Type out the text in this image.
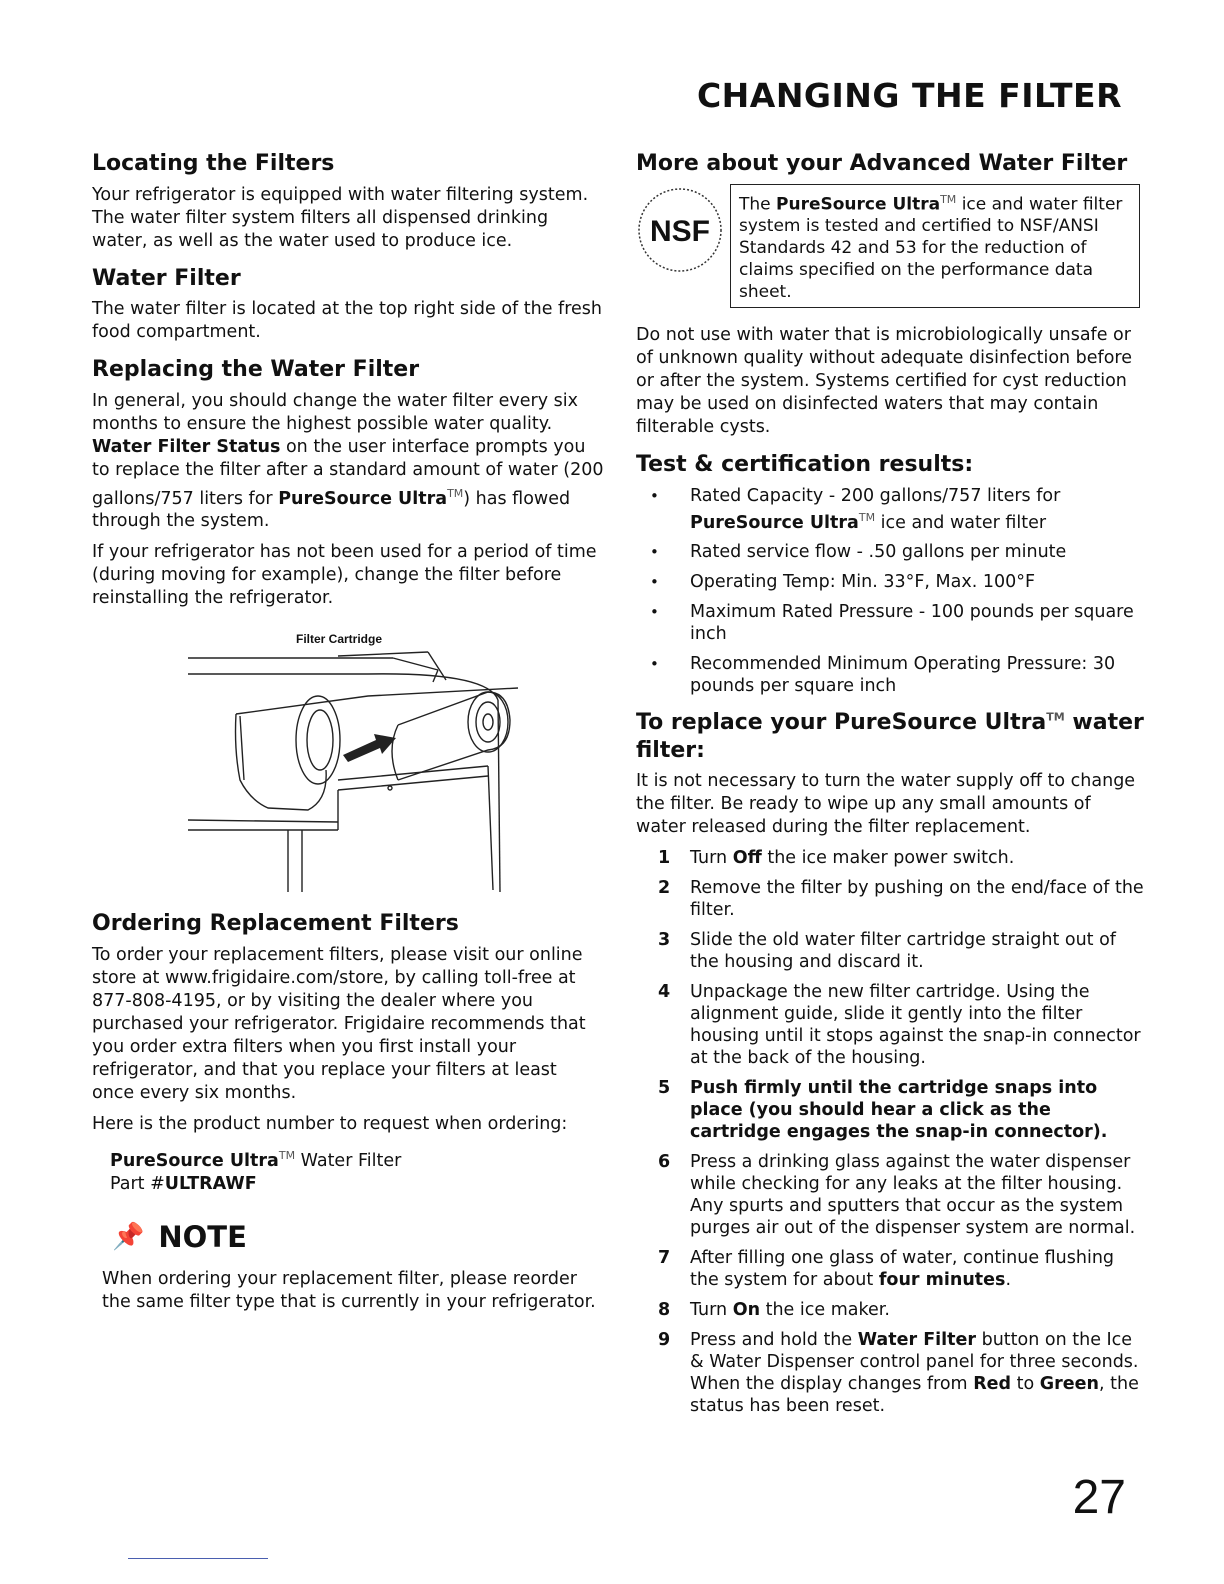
CHANGING THE FILTER
Locating the Filters

Your refrigerator is equipped with water filtering system. The water filter system filters all dispensed drinking water, as well as the water used to produce ice.

Water Filter

The water filter is located at the top right side of the fresh food compartment.

Replacing the Water Filter

In general, you should change the water filter every six months to ensure the highest possible water quality. Water Filter Status on the user interface prompts you to replace the filter after a standard amount of water (200 gallons/757 liters for PureSource Ultra™) has flowed through the system.

If your refrigerator has not been used for a period of time (during moving for example), change the filter before reinstalling the refrigerator.

Filter Cartridge
Ordering Replacement Filters

To order your replacement filters, please visit our online store at www.frigidaire.com/store, by calling toll-free at 877-808-4195, or by visiting the dealer where you purchased your refrigerator. Frigidaire recommends that you order extra filters when you first install your refrigerator, and that you replace your filters at least once every six months.

Here is the product number to request when ordering:

PureSource Ultra™ Water Filter
Part #ULTRAWF
📌 NOTE

When ordering your replacement filter, please reorder the same filter type that is currently in your refrigerator.

More about your Advanced Water Filter
NSF
The PureSource Ultra™ ice and water filter system is tested and certified to NSF/ANSI Standards 42 and 53 for the reduction of claims specified on the performance data sheet.

Do not use with water that is microbiologically unsafe or of unknown quality without adequate disinfection before or after the system. Systems certified for cyst reduction may be used on disinfected waters that may contain filterable cysts.

Test & certification results:
• Rated Capacity - 200 gallons/757 liters for PureSource Ultra™ ice and water filter
• Rated service flow - .50 gallons per minute
• Operating Temp: Min. 33°F, Max. 100°F
• Maximum Rated Pressure - 100 pounds per square inch
• Recommended Minimum Operating Pressure: 30 pounds per square inch
To replace your PureSource Ultra™ water filter:

It is not necessary to turn the water supply off to change the filter. Be ready to wipe up any small amounts of water released during the filter replacement.

1 Turn Off the ice maker power switch.
2 Remove the filter by pushing on the end/face of the filter.
3 Slide the old water filter cartridge straight out of the housing and discard it.
4 Unpackage the new filter cartridge. Using the alignment guide, slide it gently into the filter housing until it stops against the snap-in connector at the back of the housing.
5 Push firmly until the cartridge snaps into place (you should hear a click as the cartridge engages the snap-in connector).
6 Press a drinking glass against the water dispenser while checking for any leaks at the filter housing. Any spurts and sputters that occur as the system purges air out of the dispenser system are normal.
7 After filling one glass of water, continue flushing the system for about four minutes.
8 Turn On the ice maker.
9 Press and hold the Water Filter button on the Ice & Water Dispenser control panel for three seconds. When the display changes from Red to Green, the status has been reset.
27
